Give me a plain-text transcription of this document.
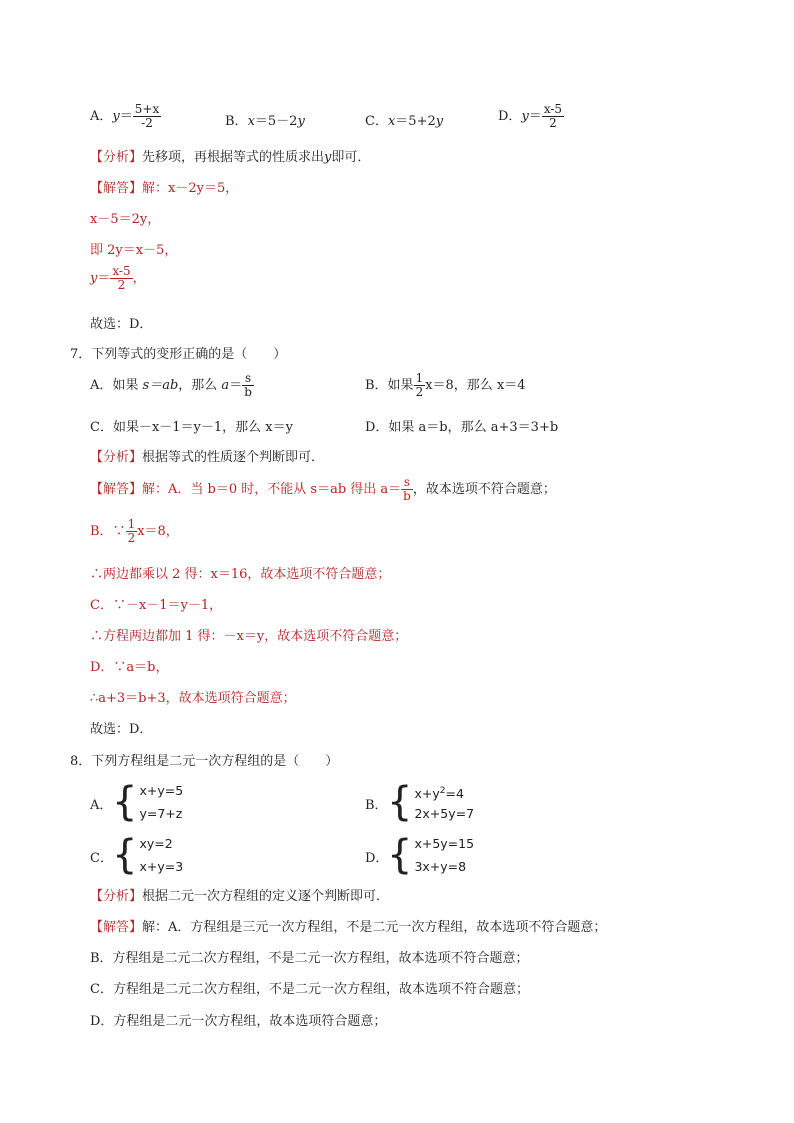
A．$y= \frac{5+x}{-2}$	B．x＝5－2y	C．x＝5+2y	D．$y= \frac{x-5}{2}$
【分析】先移项，再根据等式的性质求出y即可．
【解答】解：x－2y＝5，
x－5＝2y，
即 2y＝x－5，
$y= \frac{x-5}{2}$ ，
故选：D．
7．下列等式的变形正确的是（　　）
A．如果 s＝ab，那么 $a= \frac{s}{b}$	B．如果 $\frac{1}{2} x=8$，那么 x＝4
C．如果－x－1＝y－1，那么 x＝y	D．如果 a＝b，那么 a+3＝3+b
【分析】根据等式的性质逐个判断即可．
【解答】解：A．当 b＝0 时，不能从 s＝ab 得出 $a= \frac{s}{b}$ ，故本选项不符合题意；
B．∵ $\frac{1}{2} x=8$，
∴两边都乘以 2 得：x＝16，故本选项不符合题意；
C．∵－x－1＝y－1，
∴方程两边都加 1 得：－x＝y，故本选项不符合题意；
D．∵a＝b，
∴a+3＝b+3，故本选项符合题意；
故选：D．
8．下列方程组是二元一次方程组的是（　　）
A． { x+y=5
y=7+z
B． { $x+y^2=4$
2x+5y=7
C． { xy=2
x+y=3
D．
{ x+5y=15
3x+y=8
【分析】根据二元一次方程组的定义逐个判断即可．
【解答】解：A．方程组是三元一次方程组，不是二元一次方程组，故本选项不符合题意；
B．方程组是二元二次方程组，不是二元一次方程组，故本选项不符合题意；
C．方程组是二元二次方程组，不是二元一次方程组，故本选项不符合题意；
D．方程组是二元一次方程组，故本选项符合题意；
